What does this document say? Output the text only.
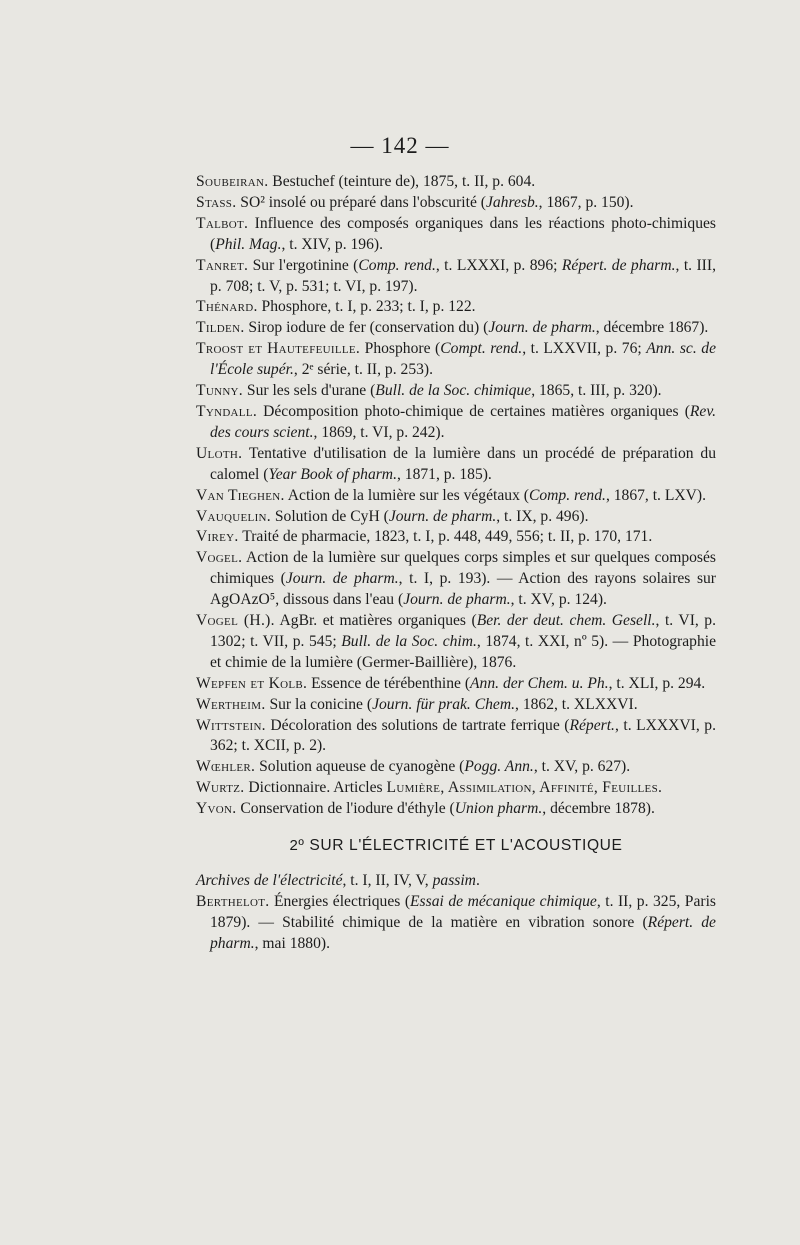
— 142 —

Soubeiran. Bestuchef (teinture de), 1875, t. II, p. 604.

Stass. SO² insolé ou préparé dans l'obscurité (Jahresb., 1867, p. 150).

Talbot. Influence des composés organiques dans les réactions photo-chimiques (Phil. Mag., t. XIV, p. 196).

Tanret. Sur l'ergotinine (Comp. rend., t. LXXXI, p. 896; Répert. de pharm., t. III, p. 708; t. V, p. 531; t. VI, p. 197).

Thénard. Phosphore, t. I, p. 233; t. I, p. 122.

Tilden. Sirop iodure de fer (conservation du) (Journ. de pharm., décembre 1867).

Troost et Hautefeuille. Phosphore (Compt. rend., t. LXXVII, p. 76; Ann. sc. de l'École supér., 2ᵉ série, t. II, p. 253).

Tunny. Sur les sels d'urane (Bull. de la Soc. chimique, 1865, t. III, p. 320).

Tyndall. Décomposition photo-chimique de certaines matières organiques (Rev. des cours scient., 1869, t. VI, p. 242).

Uloth. Tentative d'utilisation de la lumière dans un procédé de préparation du calomel (Year Book of pharm., 1871, p. 185).

Van Tieghen. Action de la lumière sur les végétaux (Comp. rend., 1867, t. LXV).

Vauquelin. Solution de CyH (Journ. de pharm., t. IX, p. 496).

Virey. Traité de pharmacie, 1823, t. I, p. 448, 449, 556; t. II, p. 170, 171.

Vogel. Action de la lumière sur quelques corps simples et sur quelques composés chimiques (Journ. de pharm., t. I, p. 193). — Action des rayons solaires sur AgOAzO⁵, dissous dans l'eau (Journ. de pharm., t. XV, p. 124).

Vogel (H.). AgBr. et matières organiques (Ber. der deut. chem. Gesell., t. VI, p. 1302; t. VII, p. 545; Bull. de la Soc. chim., 1874, t. XXI, nº 5). — Photographie et chimie de la lumière (Germer-Baillière), 1876.

Wepfen et Kolb. Essence de térébenthine (Ann. der Chem. u. Ph., t. XLI, p. 294.

Wertheim. Sur la conicine (Journ. für prak. Chem., 1862, t. XLXXVI.

Wittstein. Décoloration des solutions de tartrate ferrique (Répert., t. LXXXVI, p. 362; t. XCII, p. 2).

Wœhler. Solution aqueuse de cyanogène (Pogg. Ann., t. XV, p. 627).

Wurtz. Dictionnaire. Articles Lumière, Assimilation, Affinité, Feuilles.

Yvon. Conservation de l'iodure d'éthyle (Union pharm., décembre 1878).

2º SUR L'ÉLECTRICITÉ ET L'ACOUSTIQUE

Archives de l'électricité, t. I, II, IV, V, passim.

Berthelot. Énergies électriques (Essai de mécanique chimique, t. II, p. 325, Paris 1879). — Stabilité chimique de la matière en vibration sonore (Répert. de pharm., mai 1880).
